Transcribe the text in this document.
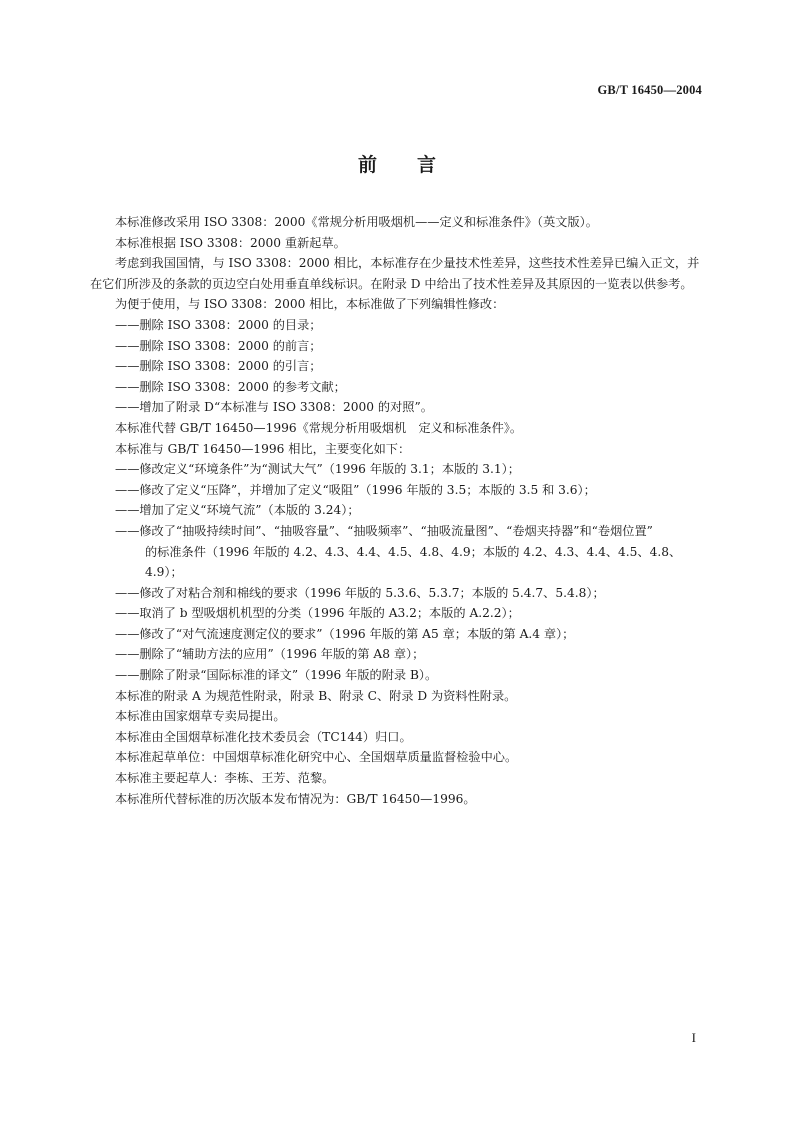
GB/T 16450—2004
前 言

本标准修改采用 ISO 3308：2000《常规分析用吸烟机——定义和标准条件》（英文版）。

本标准根据 ISO 3308：2000 重新起草。

考虑到我国国情，与 ISO 3308：2000 相比，本标准存在少量技术性差异，这些技术性差异已编入正文，并在它们所涉及的条款的页边空白处用垂直单线标识。在附录 D 中给出了技术性差异及其原因的一览表以供参考。

为便于使用，与 ISO 3308：2000 相比，本标准做了下列编辑性修改：

——删除 ISO 3308：2000 的目录；

——删除 ISO 3308：2000 的前言；

——删除 ISO 3308：2000 的引言；

——删除 ISO 3308：2000 的参考文献；

——增加了附录 D“本标准与 ISO 3308：2000 的对照”。

本标准代替 GB/T 16450—1996《常规分析用吸烟机　定义和标准条件》。

本标准与 GB/T 16450—1996 相比，主要变化如下：

——修改定义“环境条件”为“测试大气”（1996 年版的 3.1；本版的 3.1）；

——修改了定义“压降”，并增加了定义“吸阻”（1996 年版的 3.5；本版的 3.5 和 3.6）；

——增加了定义“环境气流”（本版的 3.24）；

——修改了“抽吸持续时间”、“抽吸容量”、“抽吸频率”、“抽吸流量图”、“卷烟夹持器”和“卷烟位置”

的标准条件（1996 年版的 4.2、4.3、4.4、4.5、4.8、4.9；本版的 4.2、4.3、4.4、4.5、4.8、4.9）；

——修改了对粘合剂和棉线的要求（1996 年版的 5.3.6、5.3.7；本版的 5.4.7、5.4.8）；

——取消了 b 型吸烟机机型的分类（1996 年版的 A3.2；本版的 A.2.2）；

——修改了“对气流速度测定仪的要求”（1996 年版的第 A5 章；本版的第 A.4 章）；

——删除了“辅助方法的应用”（1996 年版的第 A8 章）；

——删除了附录“国际标准的译文”（1996 年版的附录 B）。

本标准的附录 A 为规范性附录，附录 B、附录 C、附录 D 为资料性附录。

本标准由国家烟草专卖局提出。

本标准由全国烟草标准化技术委员会（TC144）归口。

本标准起草单位：中国烟草标准化研究中心、全国烟草质量监督检验中心。

本标准主要起草人：李栋、王芳、范黎。

本标准所代替标准的历次版本发布情况为：GB/T 16450—1996。

I
